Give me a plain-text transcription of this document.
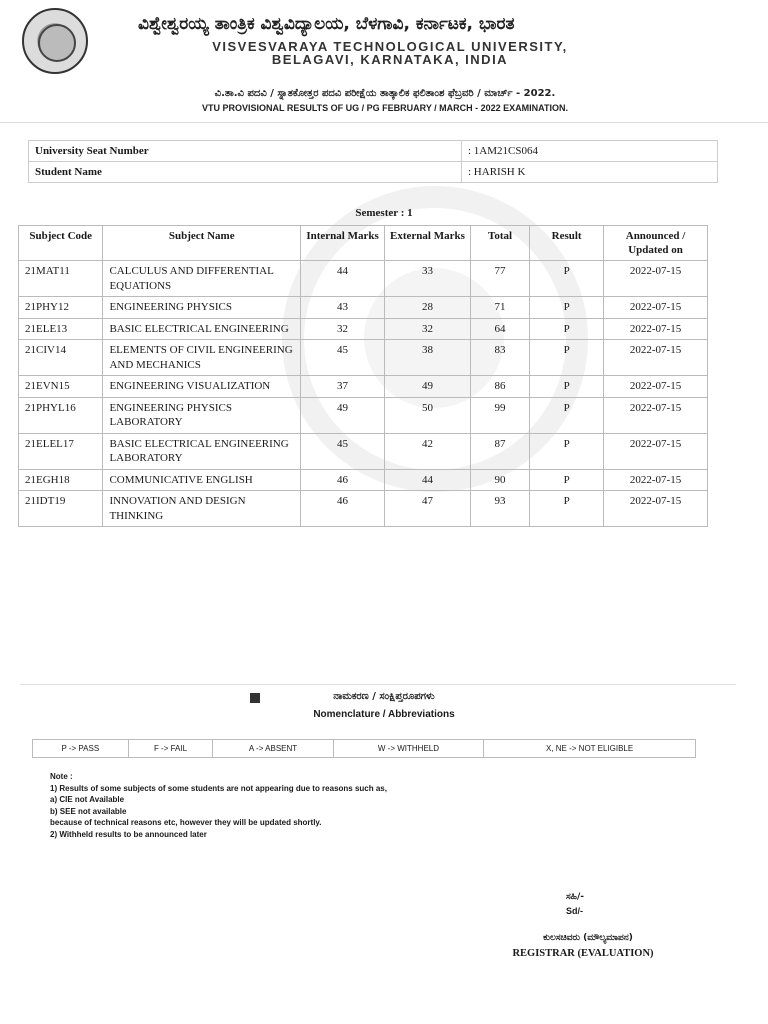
ವಿಶ್ವೇಶ್ವರಯ್ಯ ತಾಂತ್ರಿಕ ವಿಶ್ವವಿದ್ಯಾಲಯ, ಬೆಳಗಾವಿ, ಕರ್ನಾಟಕ, ಭಾರತ
VISVESVARAYA TECHNOLOGICAL UNIVERSITY,
BELAGAVI, KARNATAKA, INDIA
ವಿ.ತಾ.ವಿ ಪದವಿ / ಸ್ನಾತಕೋತ್ತರ ಪದವಿ ಪರೀಕ್ಷೆಯ ತಾತ್ಕಾಲಿಕ ಫಲಿತಾಂಶ ಫೆಬ್ರವರಿ / ಮಾರ್ಚ್ - 2022.
VTU PROVISIONAL RESULTS OF UG / PG FEBRUARY / MARCH - 2022 EXAMINATION.
University Seat Number	: 1AM21CS064
Student Name	: HARISH K
Semester : 1
Subject Code	Subject Name	Internal Marks	External Marks	Total	Result	Announced / Updated on
21MAT11	CALCULUS AND DIFFERENTIAL EQUATIONS	44	33	77	P	2022-07-15
21PHY12	ENGINEERING PHYSICS	43	28	71	P	2022-07-15
21ELE13	BASIC ELECTRICAL ENGINEERING	32	32	64	P	2022-07-15
21CIV14	ELEMENTS OF CIVIL ENGINEERING AND MECHANICS	45	38	83	P	2022-07-15
21EVN15	ENGINEERING VISUALIZATION	37	49	86	P	2022-07-15
21PHYL16	ENGINEERING PHYSICS LABORATORY	49	50	99	P	2022-07-15
21ELEL17	BASIC ELECTRICAL ENGINEERING LABORATORY	45	42	87	P	2022-07-15
21EGH18	COMMUNICATIVE ENGLISH	46	44	90	P	2022-07-15
21IDT19	INNOVATION AND DESIGN THINKING	46	47	93	P	2022-07-15
ನಾಮಕರಣ / ಸಂಕ್ಷಿಪ್ತರೂಪಗಳು
Nomenclature / Abbreviations
P -> PASS	F -> FAIL	A -> ABSENT	W -> WITHHELD	X, NE -> NOT ELIGIBLE
Note :
1) Results of some subjects of some students are not appearing due to reasons such as,
a) CIE not Available
b) SEE not available
because of technical reasons etc, however they will be updated shortly.
2) Withheld results to be announced later
ಸಹಿ/-
Sd/-
ಕುಲಸಚಿವರು (ಮೌಲ್ಯಮಾಪನ)
REGISTRAR (EVALUATION)
